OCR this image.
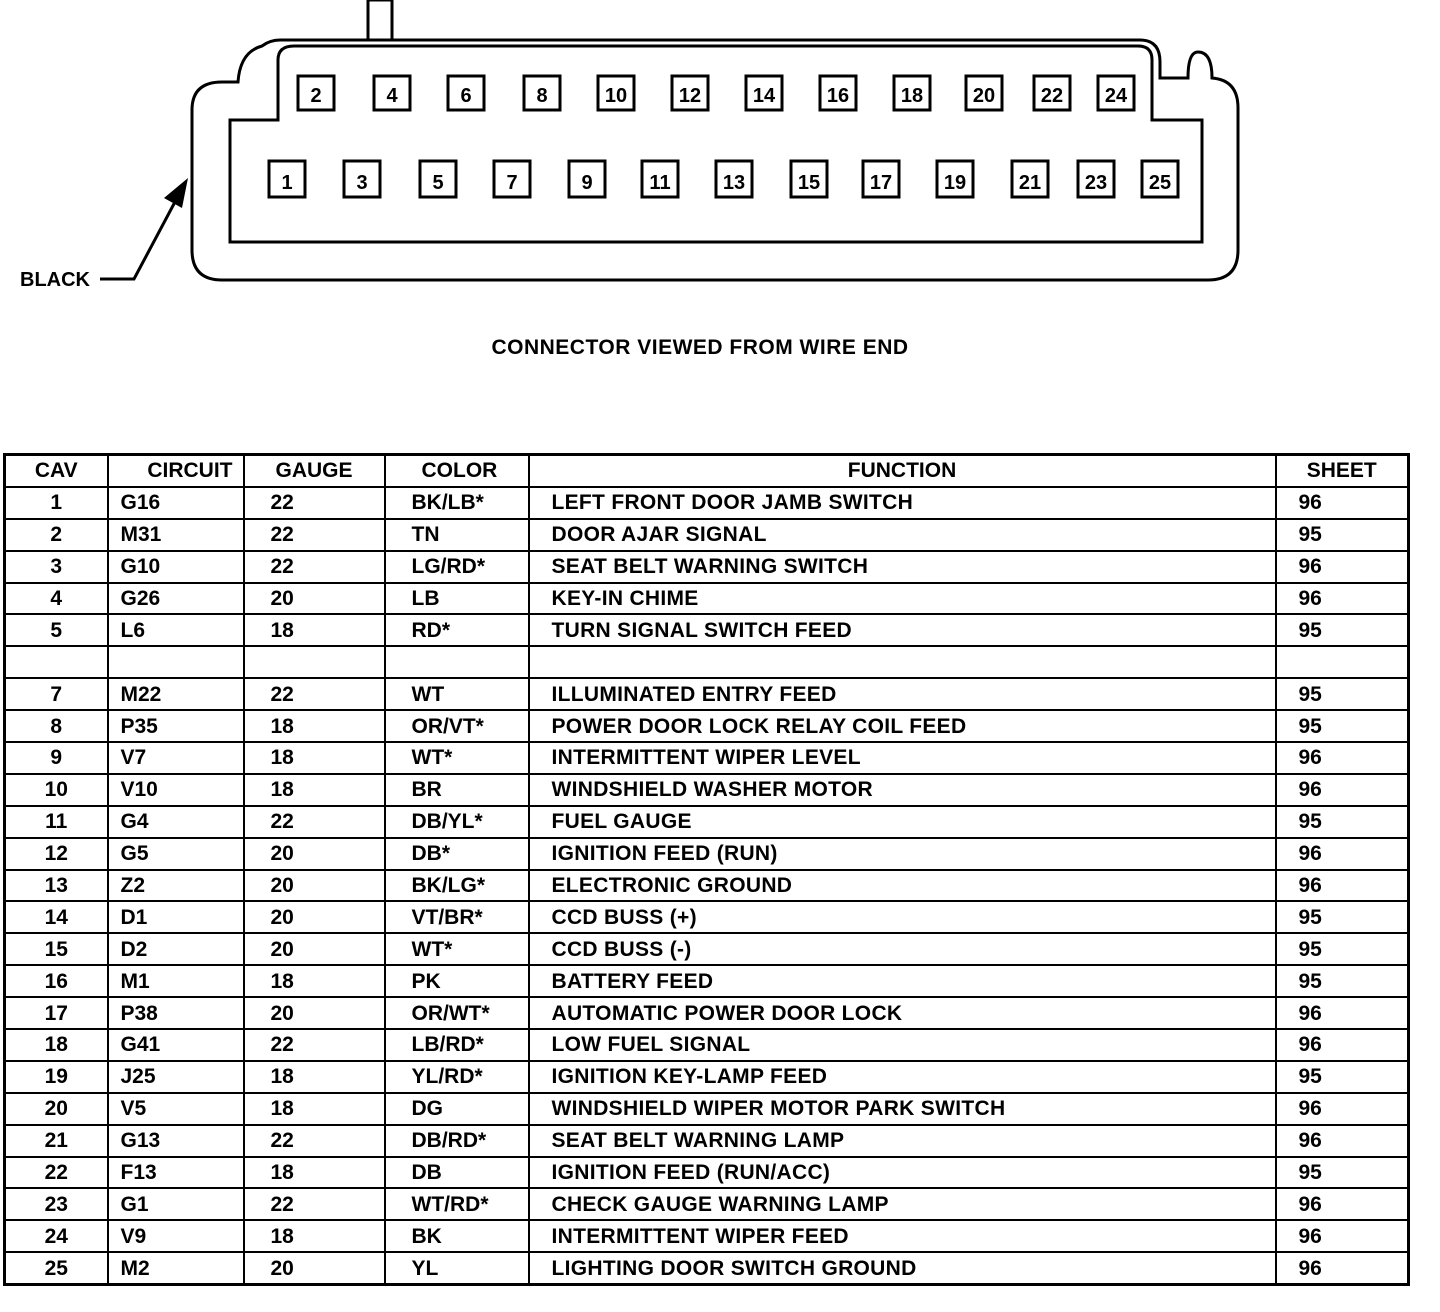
2	4	6	8	10	12	14	16	18 20 22 24
1	3	5	7	9	11	13	15 17	19	21 23 25
BLACK
CONNECTOR VIEWED FROM WIRE END
CAV	CIRCUIT	GAUGE	COLOR	FUNCTION	SHEET
1	G16	22	BK/LB*	LEFT FRONT DOOR JAMB SWITCH	96
2	M31	22	TN	DOOR AJAR SIGNAL	95
3	G10	22	LG/RD*	SEAT BELT WARNING SWITCH	96
4	G26	20	LB	KEY-IN CHIME	96
5	L6	18	RD*	TURN SIGNAL SWITCH FEED	95

7	M22	22	WT	ILLUMINATED ENTRY FEED	95
8	P35	18	OR/VT*	POWER DOOR LOCK RELAY COIL FEED	95
9	V7	18	WT*	INTERMITTENT WIPER LEVEL	96
10	V10	18	BR	WINDSHIELD WASHER MOTOR	96
11	G4	22	DB/YL*	FUEL GAUGE	95
12	G5	20	DB*	IGNITION FEED (RUN)	96
13	Z2	20	BK/LG*	ELECTRONIC GROUND	96
14	D1	20	VT/BR*	CCD BUSS (+)	95
15	D2	20	WT*	CCD BUSS (-)	95
16	M1	18	PK	BATTERY FEED	95
17	P38	20	OR/WT*	AUTOMATIC POWER DOOR LOCK	96
18	G41	22	LB/RD*	LOW FUEL SIGNAL	96
19	J25	18	YL/RD*	IGNITION KEY-LAMP FEED	95
20	V5	18	DG	WINDSHIELD WIPER MOTOR PARK SWITCH	96
21	G13	22	DB/RD*	SEAT BELT WARNING LAMP	96
22	F13	18	DB	IGNITION FEED (RUN/ACC)	95
23	G1	22	WT/RD*	CHECK GAUGE WARNING LAMP	96
24	V9	18	BK	INTERMITTENT WIPER FEED	96
25	M2	20	YL	LIGHTING DOOR SWITCH GROUND	96
